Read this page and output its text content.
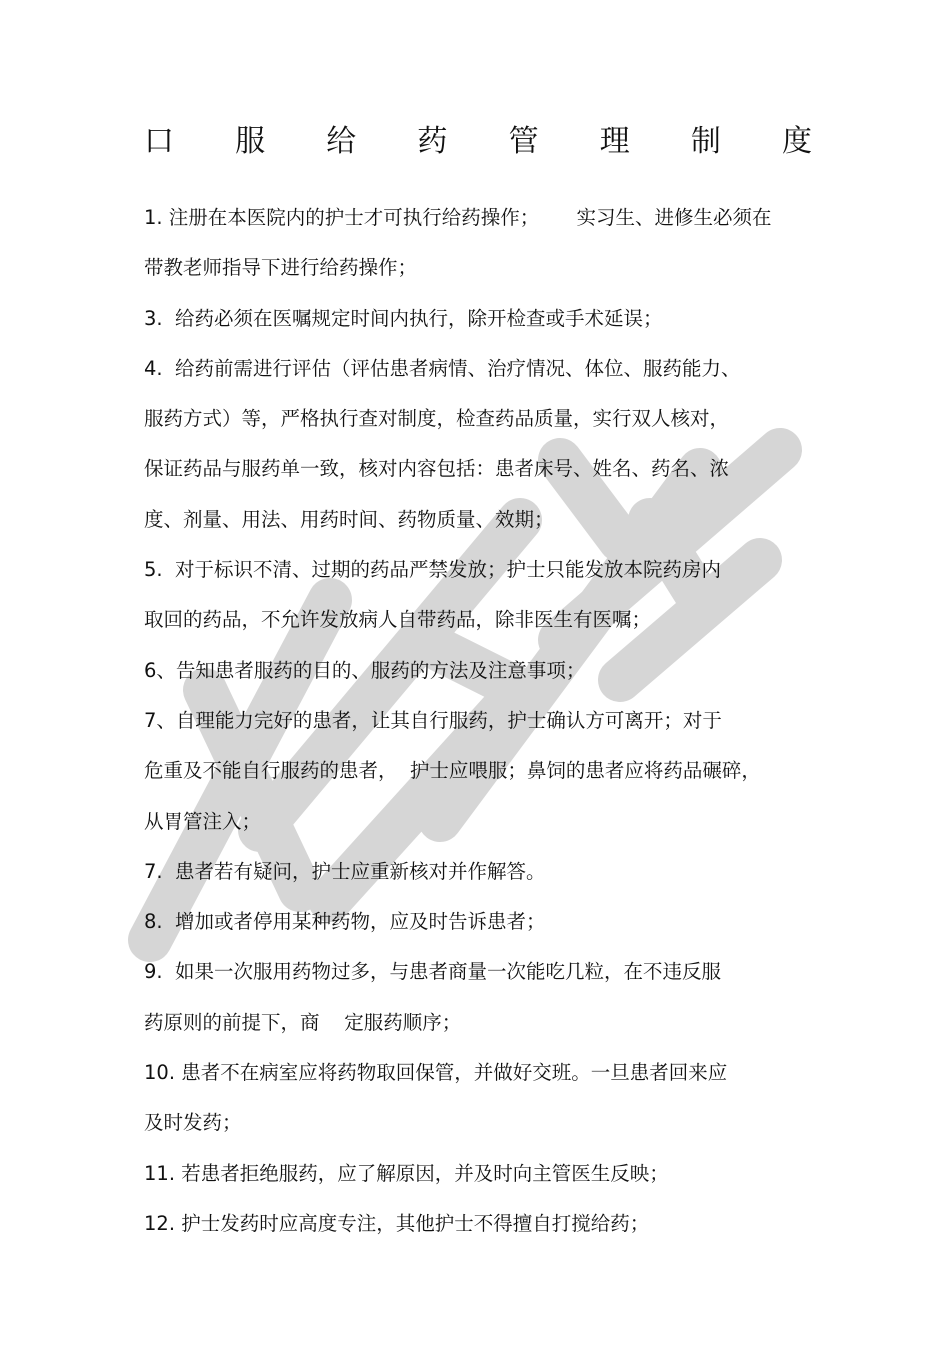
口 服 给 药 管 理 制 度
1. 注册在本医院内的护士才可执行给药操作；      实习生、进修生必须在
带教老师指导下进行给药操作；
3.  给药必须在医嘱规定时间内执行，除开检查或手术延误；
4.  给药前需进行评估（评估患者病情、治疗情况、体位、服药能力、
服药方式）等，严格执行查对制度，检查药品质量，实行双人核对，
保证药品与服药单一致，核对内容包括：患者床号、姓名、药名、浓
度、剂量、用法、用药时间、药物质量、效期；
5.  对于标识不清、过期的药品严禁发放；护士只能发放本院药房内
取回的药品，不允许发放病人自带药品，除非医生有医嘱；
6、告知患者服药的目的、服药的方法及注意事项；
7、自理能力完好的患者，让其自行服药，护士确认方可离开；对于
危重及不能自行服药的患者，  护士应喂服；鼻饲的患者应将药品碾碎，
从胃管注入；
7.  患者若有疑问，护士应重新核对并作解答。
8.  增加或者停用某种药物，应及时告诉患者；
9.  如果一次服用药物过多，与患者商量一次能吃几粒，在不违反服
药原则的前提下，商    定服药顺序；
10. 患者不在病室应将药物取回保管，并做好交班。一旦患者回来应
及时发药；
11. 若患者拒绝服药，应了解原因，并及时向主管医生反映；
12. 护士发药时应高度专注，其他护士不得擅自打搅给药；
